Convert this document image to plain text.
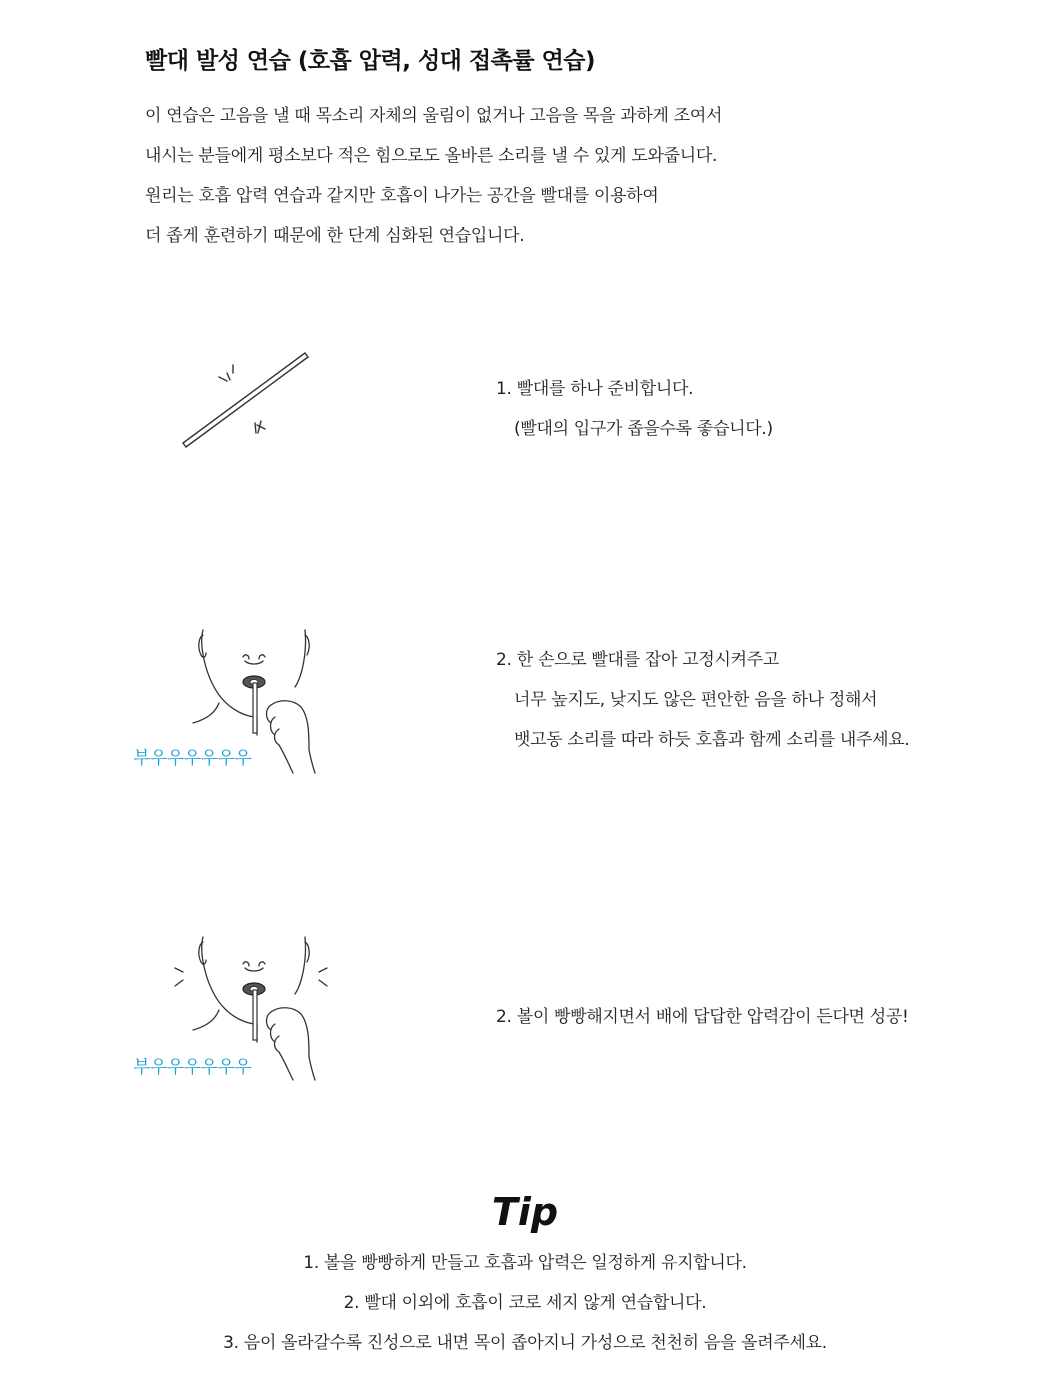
빨대 발성 연습 (호흡 압력, 성대 접촉률 연습)

이 연습은 고음을 낼 때 목소리 자체의 울림이 없거나 고음을 목을 과하게 조여서

내시는 분들에게 평소보다 적은 힘으로도 올바른 소리를 낼 수 있게 도와줍니다.

원리는 호흡 압력 연습과 같지만 호흡이 나가는 공간을 빨대를 이용하여

더 좁게 훈련하기 때문에 한 단계 심화된 연습입니다.

1. 빨대를 하나 준비합니다.

(빨대의 입구가 좁을수록 좋습니다.)

부우우우우우우

2. 한 손으로 빨대를 잡아 고정시켜주고

너무 높지도, 낮지도 않은 편안한 음을 하나 정해서

뱃고동 소리를 따라 하듯 호흡과 함께 소리를 내주세요.

부우우우우우우

2. 볼이 빵빵해지면서 배에 답답한 압력감이 든다면 성공!

Tip

1. 볼을 빵빵하게 만들고 호흡과 압력은 일정하게 유지합니다.

2. 빨대 이외에 호흡이 코로 세지 않게 연습합니다.

3. 음이 올라갈수록 진성으로 내면 목이 좁아지니 가성으로 천천히 음을 올려주세요.
